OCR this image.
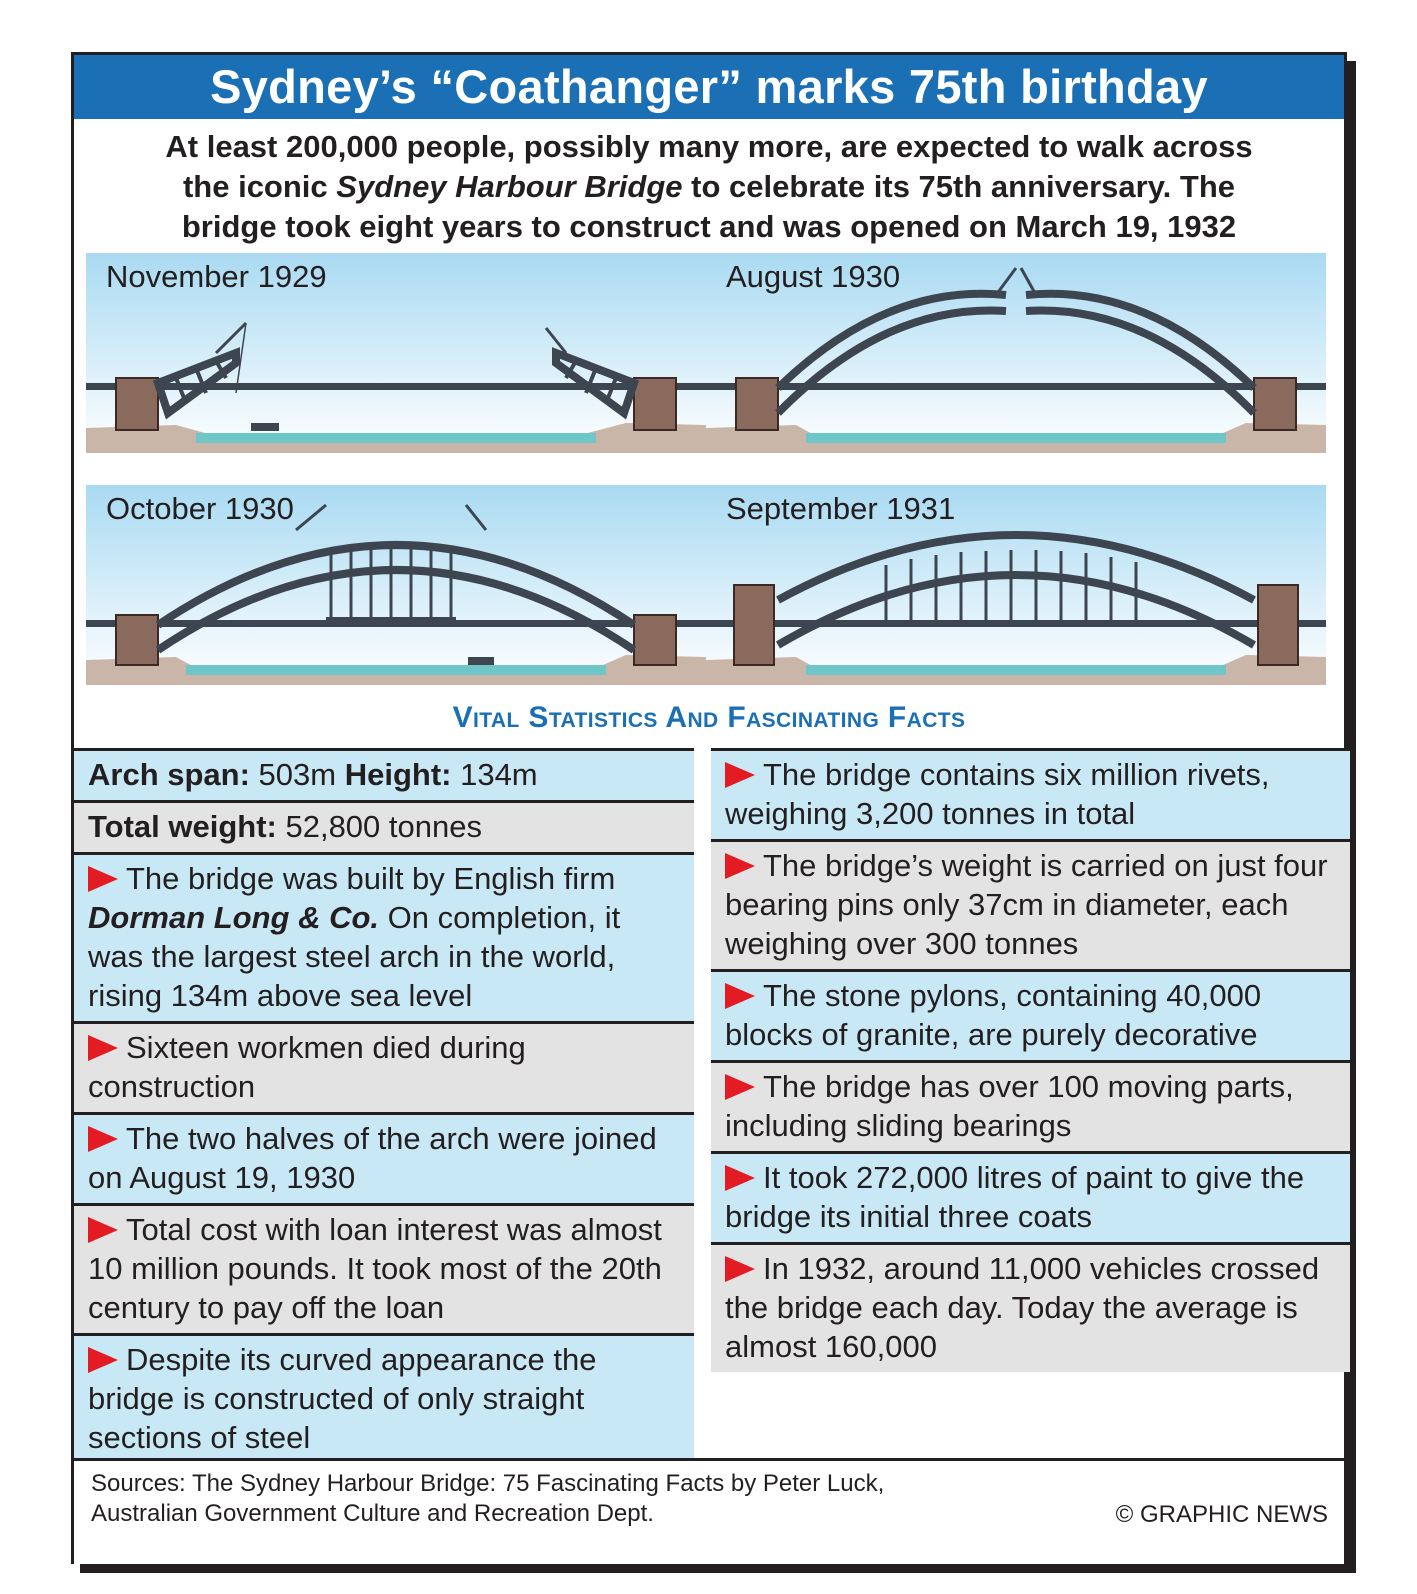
Sydney’s “Coathanger” marks 75th birthday
At least 200,000 people, possibly many more, are expected to walk across
the iconic Sydney Harbour Bridge to celebrate its 75th anniversary. The
bridge took eight years to construct and was opened on March 19, 1932
November 1929	August 1930
October 1930	September 1931
Vital Statistics And Fascinating Facts
Arch span: 503m Height: 134m
Total weight: 52,800 tonnes
The bridge was built by English firm
Dorman Long & Co. On completion, it was the largest steel arch in the world, rising 134m above sea level
Sixteen workmen died during construction
The two halves of the arch were joined on August 19, 1930
Total cost with loan interest was almost 10 million pounds. It took most of the 20th century to pay off the loan
Despite its curved appearance the bridge is constructed of only straight sections of steel
The bridge contains six million rivets, weighing 3,200 tonnes in total
The bridge’s weight is carried on just four bearing pins only 37cm in diameter, each weighing over 300 tonnes
The stone pylons, containing 40,000 blocks of granite, are purely decorative
The bridge has over 100 moving parts, including sliding bearings
It took 272,000 litres of paint to give the bridge its initial three coats
In 1932, around 11,000 vehicles crossed the bridge each day. Today the average is almost 160,000
Sources: The Sydney Harbour Bridge: 75 Fascinating Facts by Peter Luck,
Australian Government Culture and Recreation Dept.	© GRAPHIC NEWS
